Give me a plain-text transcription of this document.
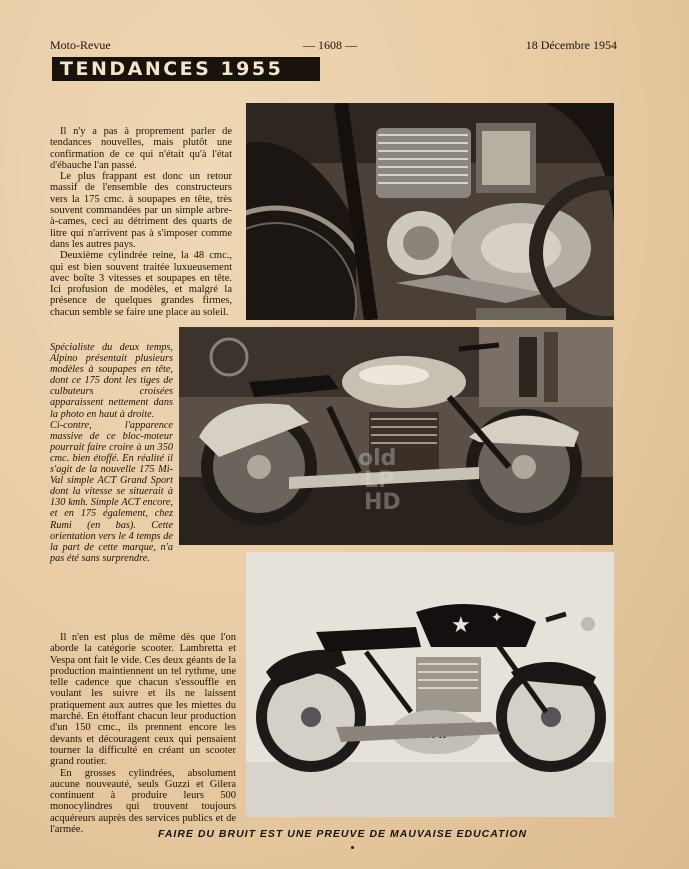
Moto-Revue	— 1608 —	18 Décembre 1954
TENDANCES 1955
★ ✦
old
LP
HD

Il n'y a pas à proprement parler de tendances nouvelles, mais plutôt une confirmation de ce qui n'était qu'à l'état d'ébauche l'an passé.

Le plus frappant est donc un retour massif de l'ensemble des constructeurs vers la 175 cmc. à soupapes en tête, très souvent commandées par un simple arbre-à-cames, ceci au détriment des quarts de litre qui n'arrivent pas à s'imposer comme dans les autres pays.

Deuxième cylindrée reine, la 48 cmc., qui est bien souvent traitée luxueusement avec boîte 3 vitesses et soupapes en tête. Ici profusion de modèles, et malgré la présence de quelques grandes firmes, chacun semble se faire une place au soleil.

Spécialiste du deux temps, Alpino présentait plusieurs modèles à soupapes en tête, dont ce 175 dont les tiges de culbuteurs croisées apparaissent nettement dans la photo en haut à droite.

Ci-contre, l'apparence massive de ce bloc-moteur pourrait faire croire à un 350 cmc. bien étoffé. En réalité il s'agit de la nouvelle 175 Mi-Val simple ACT Grand Sport dont la vitesse se situerait à 130 kmh. Simple ACT encore, et en 175 également, chez Rumi (en bas). Cette orientation vers le 4 temps de la part de cette marque, n'a pas été sans surprendre.

Il n'en est plus de même dès que l'on aborde la catégorie scooter. Lambretta et Vespa ont fait le vide. Ces deux géants de la production maintiennent un tel rythme, une telle cadence que chacun s'essouffle en voulant les suivre et ils ne laissent pratiquement aux autres que les miettes du marché. En étoffant chacun leur production d'un 150 cmc., ils prennent encore les devants et découragent ceux qui pensaient tourner la difficulté en créant un scooter grand routier.

En grosses cylindrées, absolument aucune nouveauté, seuls Guzzi et Gilera continuent à produire leurs 500 monocylindres qui trouvent toujours acquéreurs auprès des services publics et de l'armée.	FAIRE DU BRUIT EST UNE PREUVE DE MAUVAISE EDUCATION
